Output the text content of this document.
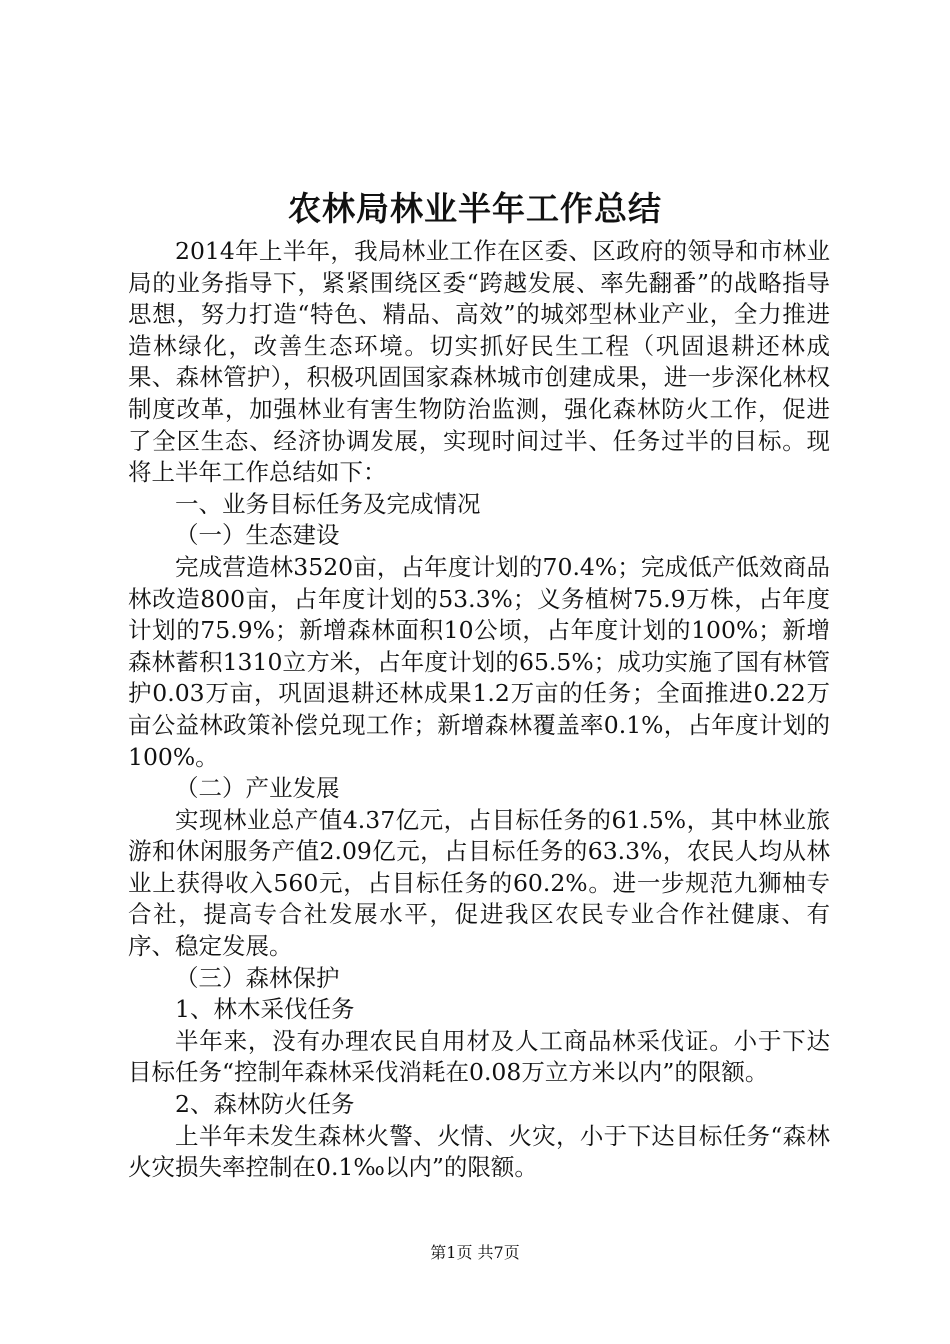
农林局林业半年工作总结

2014年上半年，我局林业工作在区委、区政府的领导和市林业局的业务指导下，紧紧围绕区委“跨越发展、率先翻番”的战略指导思想，努力打造“特色、精品、高效”的城郊型林业产业，全力推进造林绿化，改善生态环境。切实抓好民生工程（巩固退耕还林成果、森林管护），积极巩固国家森林城市创建成果，进一步深化林权制度改革，加强林业有害生物防治监测，强化森林防火工作，促进了全区生态、经济协调发展，实现时间过半、任务过半的目标。现将上半年工作总结如下：

一、业务目标任务及完成情况

（一）生态建设

完成营造林3520亩，占年度计划的70.4%；完成低产低效商品林改造800亩，占年度计划的53.3%；义务植树75.9万株，占年度计划的75.9%；新增森林面积10公顷，占年度计划的100%；新增森林蓄积1310立方米，占年度计划的65.5%；成功实施了国有林管护0.03万亩，巩固退耕还林成果1.2万亩的任务；全面推进0.22万亩公益林政策补偿兑现工作；新增森林覆盖率0.1%，占年度计划的100%。

（二）产业发展

实现林业总产值4.37亿元，占目标任务的61.5%，其中林业旅游和休闲服务产值2.09亿元，占目标任务的63.3%，农民人均从林业上获得收入560元，占目标任务的60.2%。进一步规范九狮柚专合社，提高专合社发展水平，促进我区农民专业合作社健康、有序、稳定发展。

（三）森林保护

1、林木采伐任务

半年来，没有办理农民自用材及人工商品林采伐证。小于下达目标任务“控制年森林采伐消耗在0.08万立方米以内”的限额。

2、森林防火任务

上半年未发生森林火警、火情、火灾，小于下达目标任务“森林火灾损失率控制在0.1‰以内”的限额。

第1页 共7页
